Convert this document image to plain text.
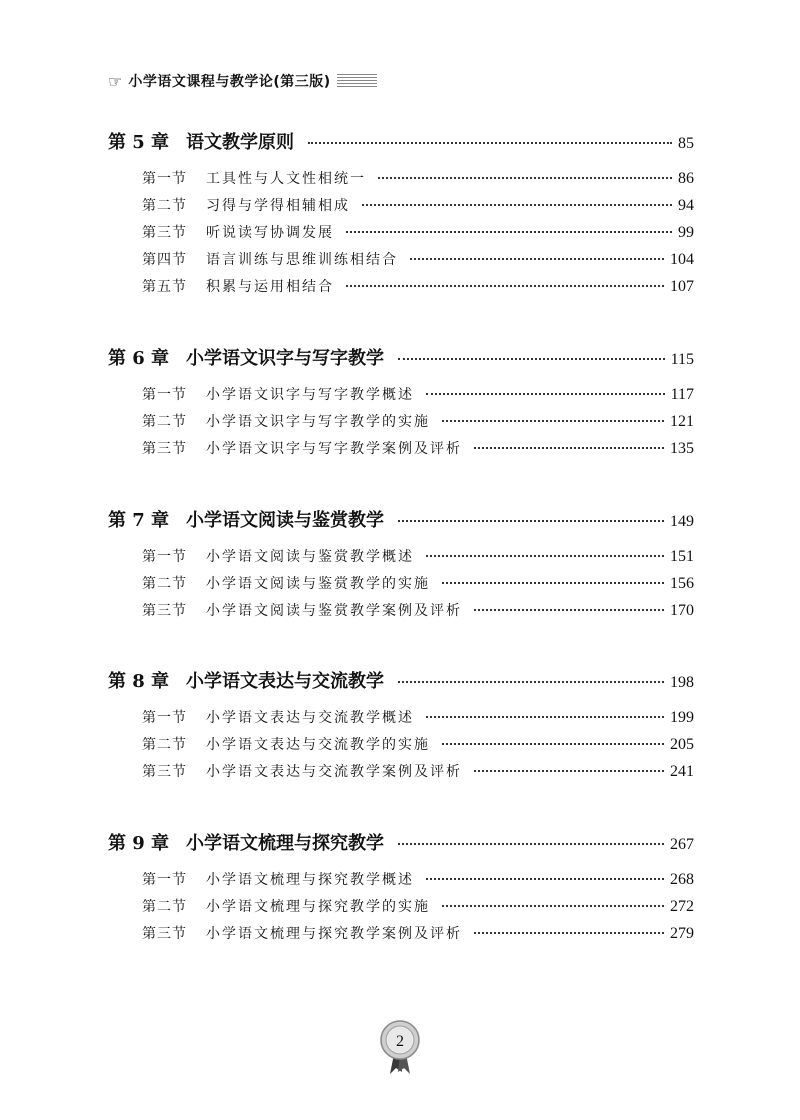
☞ 小学语文课程与教学论(第三版)
第 5 章 语文教学原则	85
第一节	工具性与人文性相统一	86
第二节	习得与学得相辅相成	94
第三节	听说读写协调发展	99
第四节	语言训练与思维训练相结合	104
第五节	积累与运用相结合	107
第 6 章 小学语文识字与写字教学	115
第一节	小学语文识字与写字教学概述	117
第二节	小学语文识字与写字教学的实施	121
第三节	小学语文识字与写字教学案例及评析	135
第 7 章 小学语文阅读与鉴赏教学	149
第一节	小学语文阅读与鉴赏教学概述	151
第二节	小学语文阅读与鉴赏教学的实施	156
第三节	小学语文阅读与鉴赏教学案例及评析	170
第 8 章 小学语文表达与交流教学	198
第一节	小学语文表达与交流教学概述	199
第二节	小学语文表达与交流教学的实施	205
第三节	小学语文表达与交流教学案例及评析	241
第 9 章 小学语文梳理与探究教学	267
第一节	小学语文梳理与探究教学概述	268
第二节	小学语文梳理与探究教学的实施	272
第三节	小学语文梳理与探究教学案例及评析	279
2
